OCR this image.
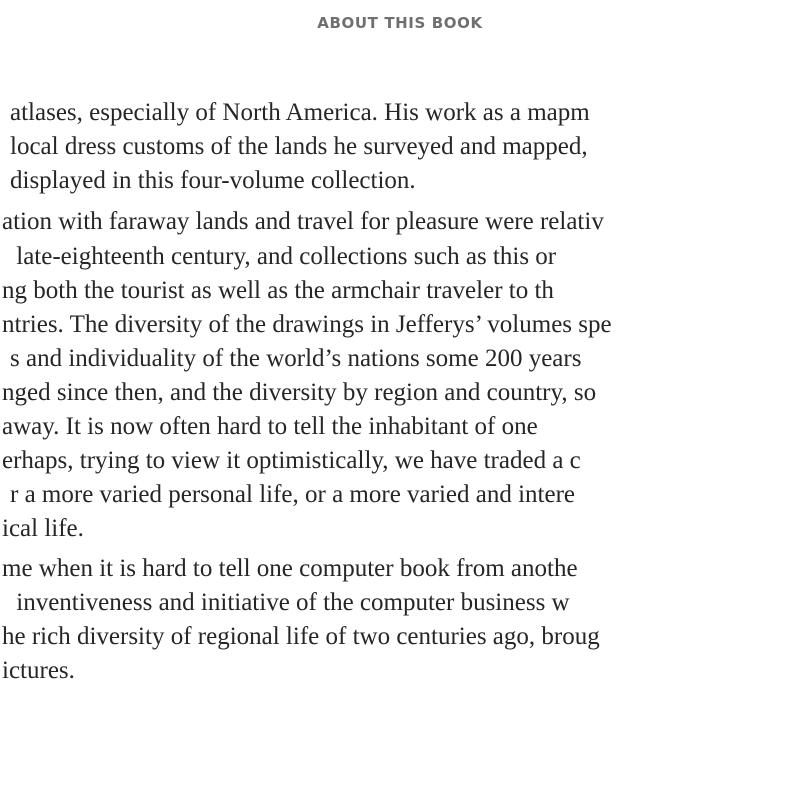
ABOUT THIS BOOK
atlases, especially of North America. His work as a mapm
local dress customs of the lands he surveyed and mapped,
displayed in this four-volume collection.
ation with faraway lands and travel for pleasure were relativ
late-eighteenth century, and collections such as this or
ng both the tourist as well as the armchair traveler to th
ntries. The diversity of the drawings in Jefferys’ volumes spe
s and individuality of the world’s nations some 200 years
nged since then, and the diversity by region and country, so
away. It is now often hard to tell the inhabitant of one
erhaps, trying to view it optimistically, we have traded a c
r a more varied personal life, or a more varied and intere
ical life.
me when it is hard to tell one computer book from anothe
inventiveness and initiative of the computer business w
he rich diversity of regional life of two centuries ago, broug
ictures.
